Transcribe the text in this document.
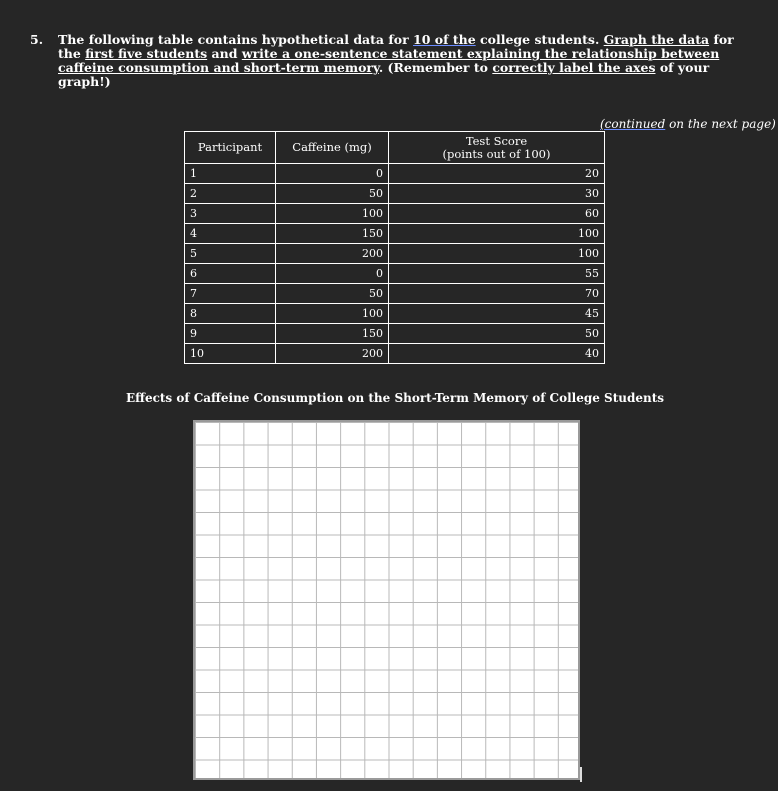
5. The following table contains hypothetical data for 10 of the college students. Graph the data for the first five students and write a one-sentence statement explaining the relationship between caffeine consumption and short-term memory. (Remember to correctly label the axes of your graph!)
(continued on the next page)
Participant	Caffeine (mg)	Test Score
(points out of 100)
1	0	20
2	50	30
3	100	60
4	150	100
5	200	100
6	0	55
7	50	70
8	100	45
9	150	50
10	200	40
Effects of Caffeine Consumption on the Short-Term Memory of College Students
